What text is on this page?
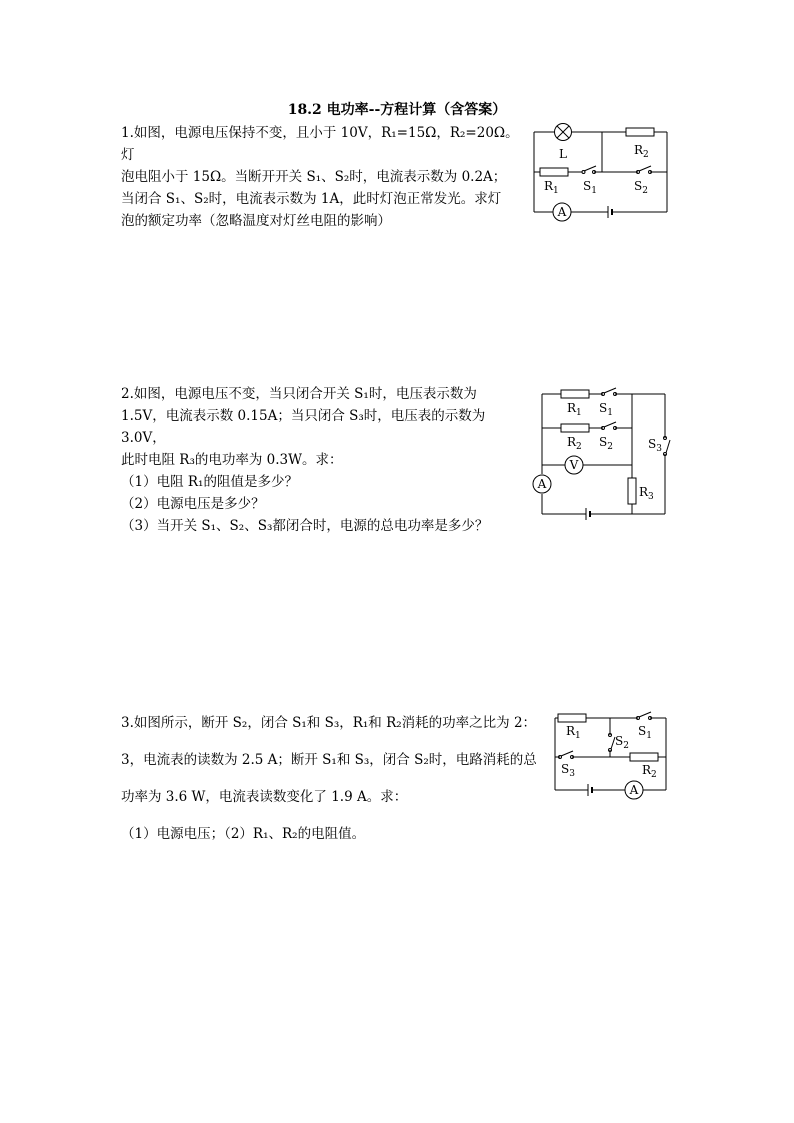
18.2 电功率--方程计算（含答案）

1.如图，电源电压保持不变，且小于 10V，R₁=15Ω，R₂=20Ω。灯

泡电阻小于 15Ω。当断开开关 S₁、S₂时，电流表示数为 0.2A；

当闭合 S₁、S₂时，电流表示数为 1A，此时灯泡正常发光。求灯

泡的额定功率（忽略温度对灯丝电阻的影响）

A
L	$R_2$
$R_1$ $S_1$	$S_2$

2.如图，电源电压不变，当只闭合开关 S₁时，电压表示数为

1.5V，电流表示数 0.15A；当只闭合 S₃时，电压表的示数为 3.0V，

此时电阻 R₃的电功率为 0.3W。求：

（1）电阻 R₁的阻值是多少？

（2）电源电压是多少？

（3）当开关 S₁、S₂、S₃都闭合时，电源的总电功率是多少？

V
A
$R_1$ $S_1$
$R_2$ $S_2$	$S_3$
$R_3$

3.如图所示，断开 S₂，闭合 S₁和 S₃，R₁和 R₂消耗的功率之比为 2：

3，电流表的读数为 2.5 A；断开 S₁和 S₃，闭合 S₂时，电路消耗的总

功率为 3.6 W，电流表读数变化了 1.9 A。求：

（1）电源电压；（2）R₁、R₂的电阻值。

A
$R_1$	$S_1$
$S_2$
$S_3$	$R_2$
